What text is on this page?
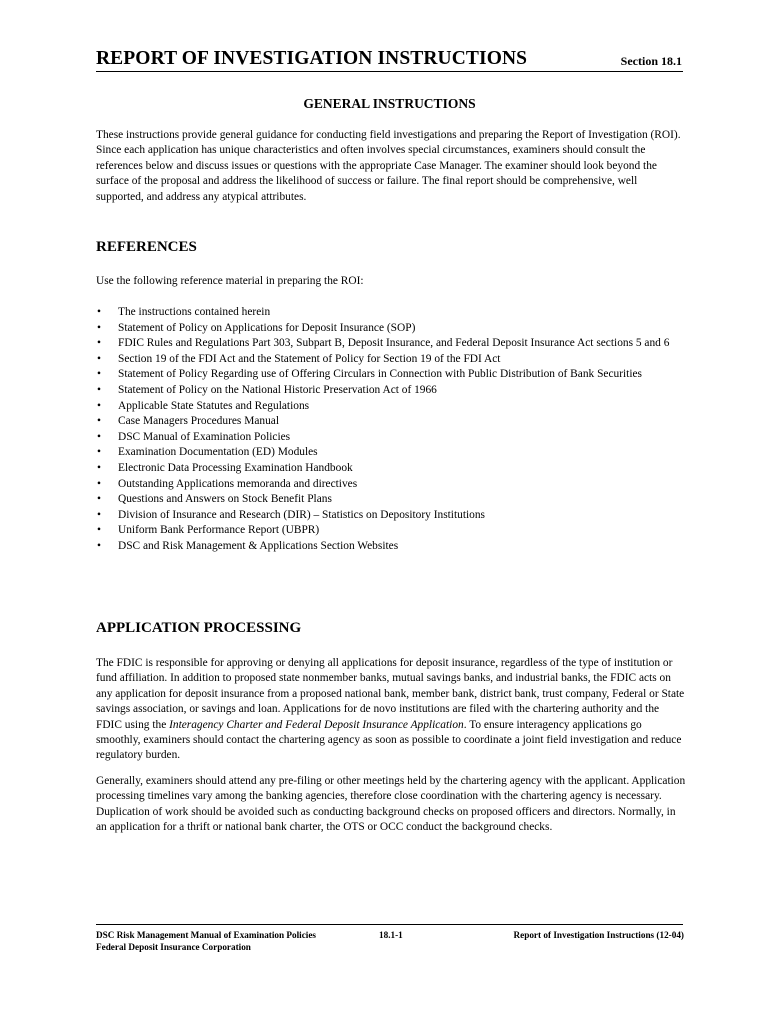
REPORT OF INVESTIGATION INSTRUCTIONS	Section 18.1
GENERAL INSTRUCTIONS

These instructions provide general guidance for conducting field investigations and preparing the Report of Investigation (ROI). Since each application has unique characteristics and often involves special circumstances, examiners should consult the references below and discuss issues or questions with the appropriate Case Manager. The examiner should look beyond the surface of the proposal and address the likelihood of success or failure. The final report should be comprehensive, well supported, and address any atypical attributes.

REFERENCES

Use the following reference material in preparing the ROI:

• The instructions contained herein
• Statement of Policy on Applications for Deposit Insurance (SOP)
• FDIC Rules and Regulations Part 303, Subpart B, Deposit Insurance, and Federal Deposit Insurance Act sections 5 and 6
• Section 19 of the FDI Act and the Statement of Policy for Section 19 of the FDI Act
• Statement of Policy Regarding use of Offering Circulars in Connection with Public Distribution of Bank Securities
• Statement of Policy on the National Historic Preservation Act of 1966
• Applicable State Statutes and Regulations
• Case Managers Procedures Manual
• DSC Manual of Examination Policies
• Examination Documentation (ED) Modules
• Electronic Data Processing Examination Handbook
• Outstanding Applications memoranda and directives
• Questions and Answers on Stock Benefit Plans
• Division of Insurance and Research (DIR) – Statistics on Depository Institutions
• Uniform Bank Performance Report (UBPR)
• DSC and Risk Management & Applications Section Websites
APPLICATION PROCESSING

The FDIC is responsible for approving or denying all applications for deposit insurance, regardless of the type of institution or fund affiliation. In addition to proposed state nonmember banks, mutual savings banks, and industrial banks, the FDIC acts on any application for deposit insurance from a proposed national bank, member bank, district bank, trust company, Federal or State savings association, or savings and loan. Applications for de novo institutions are filed with the chartering authority and the FDIC using the Interagency Charter and Federal Deposit Insurance Application. To ensure interagency applications go smoothly, examiners should contact the chartering agency as soon as possible to coordinate a joint field investigation and reduce regulatory burden.

Generally, examiners should attend any pre-filing or other meetings held by the chartering agency with the applicant. Application processing timelines vary among the banking agencies, therefore close coordination with the chartering agency is necessary. Duplication of work should be avoided such as conducting background checks on proposed officers and directors. Normally, in an application for a thrift or national bank charter, the OTS or OCC conduct the background checks.

DSC Risk Management Manual of Examination Policies	18.1-1	Report of Investigation Instructions (12-04)
Federal Deposit Insurance Corporation
